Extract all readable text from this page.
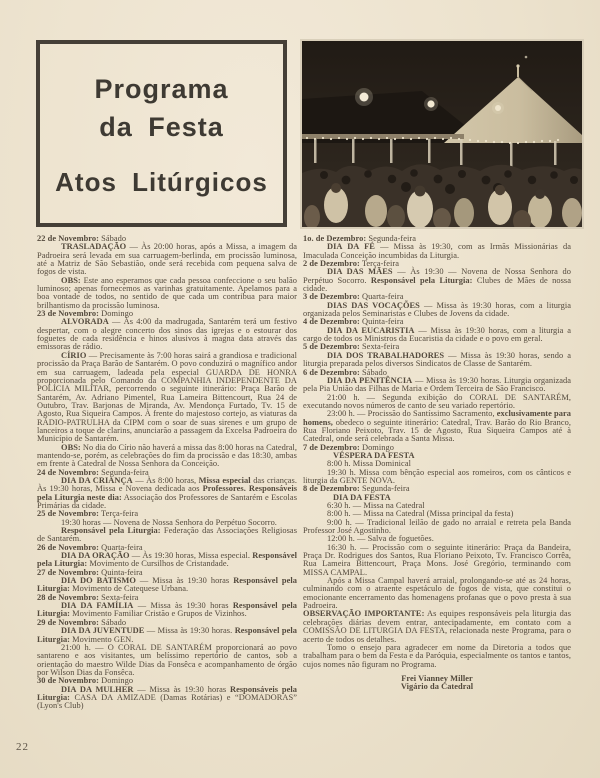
Programa
da Festa
Atos Litúrgicos

22 de Novembro: Sábado

TRASLADAÇÃO — Às 20:00 horas, após a Missa, a imagem da Padroeira será levada em sua carruagem-berlinda, em procissão luminosa, até a Matriz de São Sebastião, onde será recebida com pequena salva de fogos de vista.

OBS: Este ano esperamos que cada pessoa confeccione o seu balão luminoso; apenas fornecemos as varinhas gratuitamente. Apelamos para a boa vontade de todos, no sentido de que cada um contribua para maior brilhantismo da procissão luminosa.

23 de Novembro: Domingo

ALVORADA — Às 4:00 da madrugada, Santarém terá um festivo despertar, com o alegre concerto dos sinos das igrejas e o estourar dos foguetes de cada residência e hinos alusivos à magna data através das emissoras de rádio.

CÍRIO — Precisamente às 7:00 horas sairá a grandiosa e tradicional procissão da Praça Barão de Santarém. O povo conduzirá o magnífico andor em sua carruagem, ladeada pela especial GUARDA DE HONRA proporcionada pelo Comando da COMPANHIA INDEPENDENTE DA POLÍCIA MILITAR, percorrendo o seguinte itinerário: Praça Barão de Santarém, Av. Adriano Pimentel, Rua Lameira Bittencourt, Rua 24 de Outubro, Trav. Barjonas de Miranda, Av. Mendonça Furtado, Tv. 15 de Agosto, Rua Siqueira Campos. À frente do majestoso cortejo, as viaturas da RÁDIO-PATRULHA da CIPM com o soar de suas sirenes e um grupo de lanceiros a toque de clarins, anunciarão a passagem da Excelsa Padroeira do Município de Santarém.

OBS: No dia do Círio não haverá a missa das 8:00 horas na Catedral, mantendo-se, porém, as celebrações do fim da procissão e das 18:30, ambas em frente à Catedral de Nossa Senhora da Conceição.

24 de Novembro: Segunda-feira

DIA DA CRIANÇA — Às 8:00 horas, Missa especial das crianças. Às 19:30 horas, Missa e Novena dedicada aos Professores. Responsáveis pela Liturgia neste dia: Associação dos Professores de Santarém e Escolas Primárias da cidade.

25 de Novembro: Terça-feira

19:30 horas — Novena de Nossa Senhora do Perpétuo Socorro.

Responsável pela Liturgia: Federação das Associações Religiosas de Santarém.

26 de Novembro: Quarta-feira

DIA DA ORAÇÃO — Às 19:30 horas, Missa especial. Responsável pela Liturgia: Movimento de Cursilhos de Cristandade.

27 de Novembro: Quinta-feira

DIA DO BATISMO — Missa às 19:30 horas Responsável pela Liturgia: Movimento de Catequese Urbana.

28 de Novembro: Sexta-feira

DIA DA FAMÍLIA — Missa às 19:30 horas Responsável pela Liturgia: Movimento Familiar Cristão e Grupos de Vizinhos.

29 de Novembro: Sábado

DIA DA JUVENTUDE — Missa às 19:30 horas. Responsável pela Liturgia: Movimento GEN.

21:00 h. — O CORAL DE SANTARÉM proporcionará ao povo santareno e aos visitantes, um belíssimo repertório de cantos, sob a orientação do maestro Wilde Dias da Fonsêca e acompanhamento de órgão por Wilson Dias da Fonsêca.

30 de Novembro: Domingo

DIA DA MULHER — Missa às 19:30 horas Responsáveis pela Liturgia: CASA DA AMIZADE (Damas Rotárias) e “DOMADORAS” (Lyon's Club)

1o. de Dezembro: Segunda-feira

DIA DA FÉ — Missa às 19:30, com as Irmãs Missionárias da Imaculada Conceição incumbidas da Liturgia.

2 de Dezembro: Terça-feira

DIA DAS MÃES — Às 19:30 — Novena de Nossa Senhora do Perpétuo Socorro. Responsável pela Liturgia: Clubes de Mães de nossa cidade.

3 de Dezembro: Quarta-feira

DIAS DAS VOCAÇÕES — Missa às 19:30 horas, com a liturgia organizada pelos Seminaristas e Clubes de Jovens da cidade.

4 de Dezembro: Quinta-feira

DIA DA EUCARISTIA — Missa às 19:30 horas, com a liturgia a cargo de todos os Ministros da Eucaristia da cidade e o povo em geral.

5 de Dezembro: Sexta-feira

DIA DOS TRABALHADORES — Missa às 19:30 horas, sendo a liturgia preparada pelos diversos Sindicatos de Classe de Santarém.

6 de Dezembro: Sábado

DIA DA PENITÊNCIA — Missa às 19:30 horas. Liturgia organizada pela Pia União das Filhas de Maria e Ordem Terceira de São Francisco.

21:00 h. — Segunda exibição do CORAL DE SANTARÉM, executando novos números de canto de seu variado repertório.

23:00 h. — Procissão do Santíssimo Sacramento, exclusivamente para homens, obedeco o seguinte itinerário: Catedral, Trav. Barão do Rio Branco, Rua Floriano Peixoto, Trav. 15 de Agosto, Rua Siqueira Campos até à Catedral, onde será celebrada a Santa Missa.

7 de Dezembro: Domingo

VÉSPERA DA FESTA

8:00 h. Missa Dominical

19:30 h. Missa com bênção especial aos romeiros, com os cânticos e liturgia da GENTE NOVA.

8 de Dezembro: Segunda-feira

DIA DA FESTA

6:30 h. — Missa na Catedral

8:00 h. — Missa na Catedral (Missa principal da festa)

9:00 h. — Tradicional leilão de gado no arraial e retreta pela Banda Professor José Agostinho.

12:00 h. — Salva de foguetões.

16:30 h. — Procissão com o seguinte itinerário: Praça da Bandeira, Praça Dr. Rodrigues dos Santos, Rua Floriano Peixoto, Tv. Francisco Corrêa, Rua Lameira Bittencourt, Praça Mons. José Gregório, terminando com MISSA CAMPAL.

Após a Missa Campal haverá arraial, prolongando-se até as 24 horas, culminando com o atraente espetáculo de fogos de vista, que constitui o emocionante encerramento das homenagens profanas que o povo presta à sua Padroeira.

OBSERVAÇÃO IMPORTANTE: As equipes responsáveis pela liturgia das celebrações diárias devem entrar, antecipadamente, em contato com a COMISSÃO DE LITURGIA DA FESTA, relacionada neste Programa, para o acerto de todos os detalhes.

Tomo o ensejo para agradecer em nome da Diretoria a todos que trabalham para o bem da Festa e da Paróquia, especialmente os tantos e tantos, cujos nomes não figuram no Programa.

Frei Vianney Miller

Vigário da Catedral

22
